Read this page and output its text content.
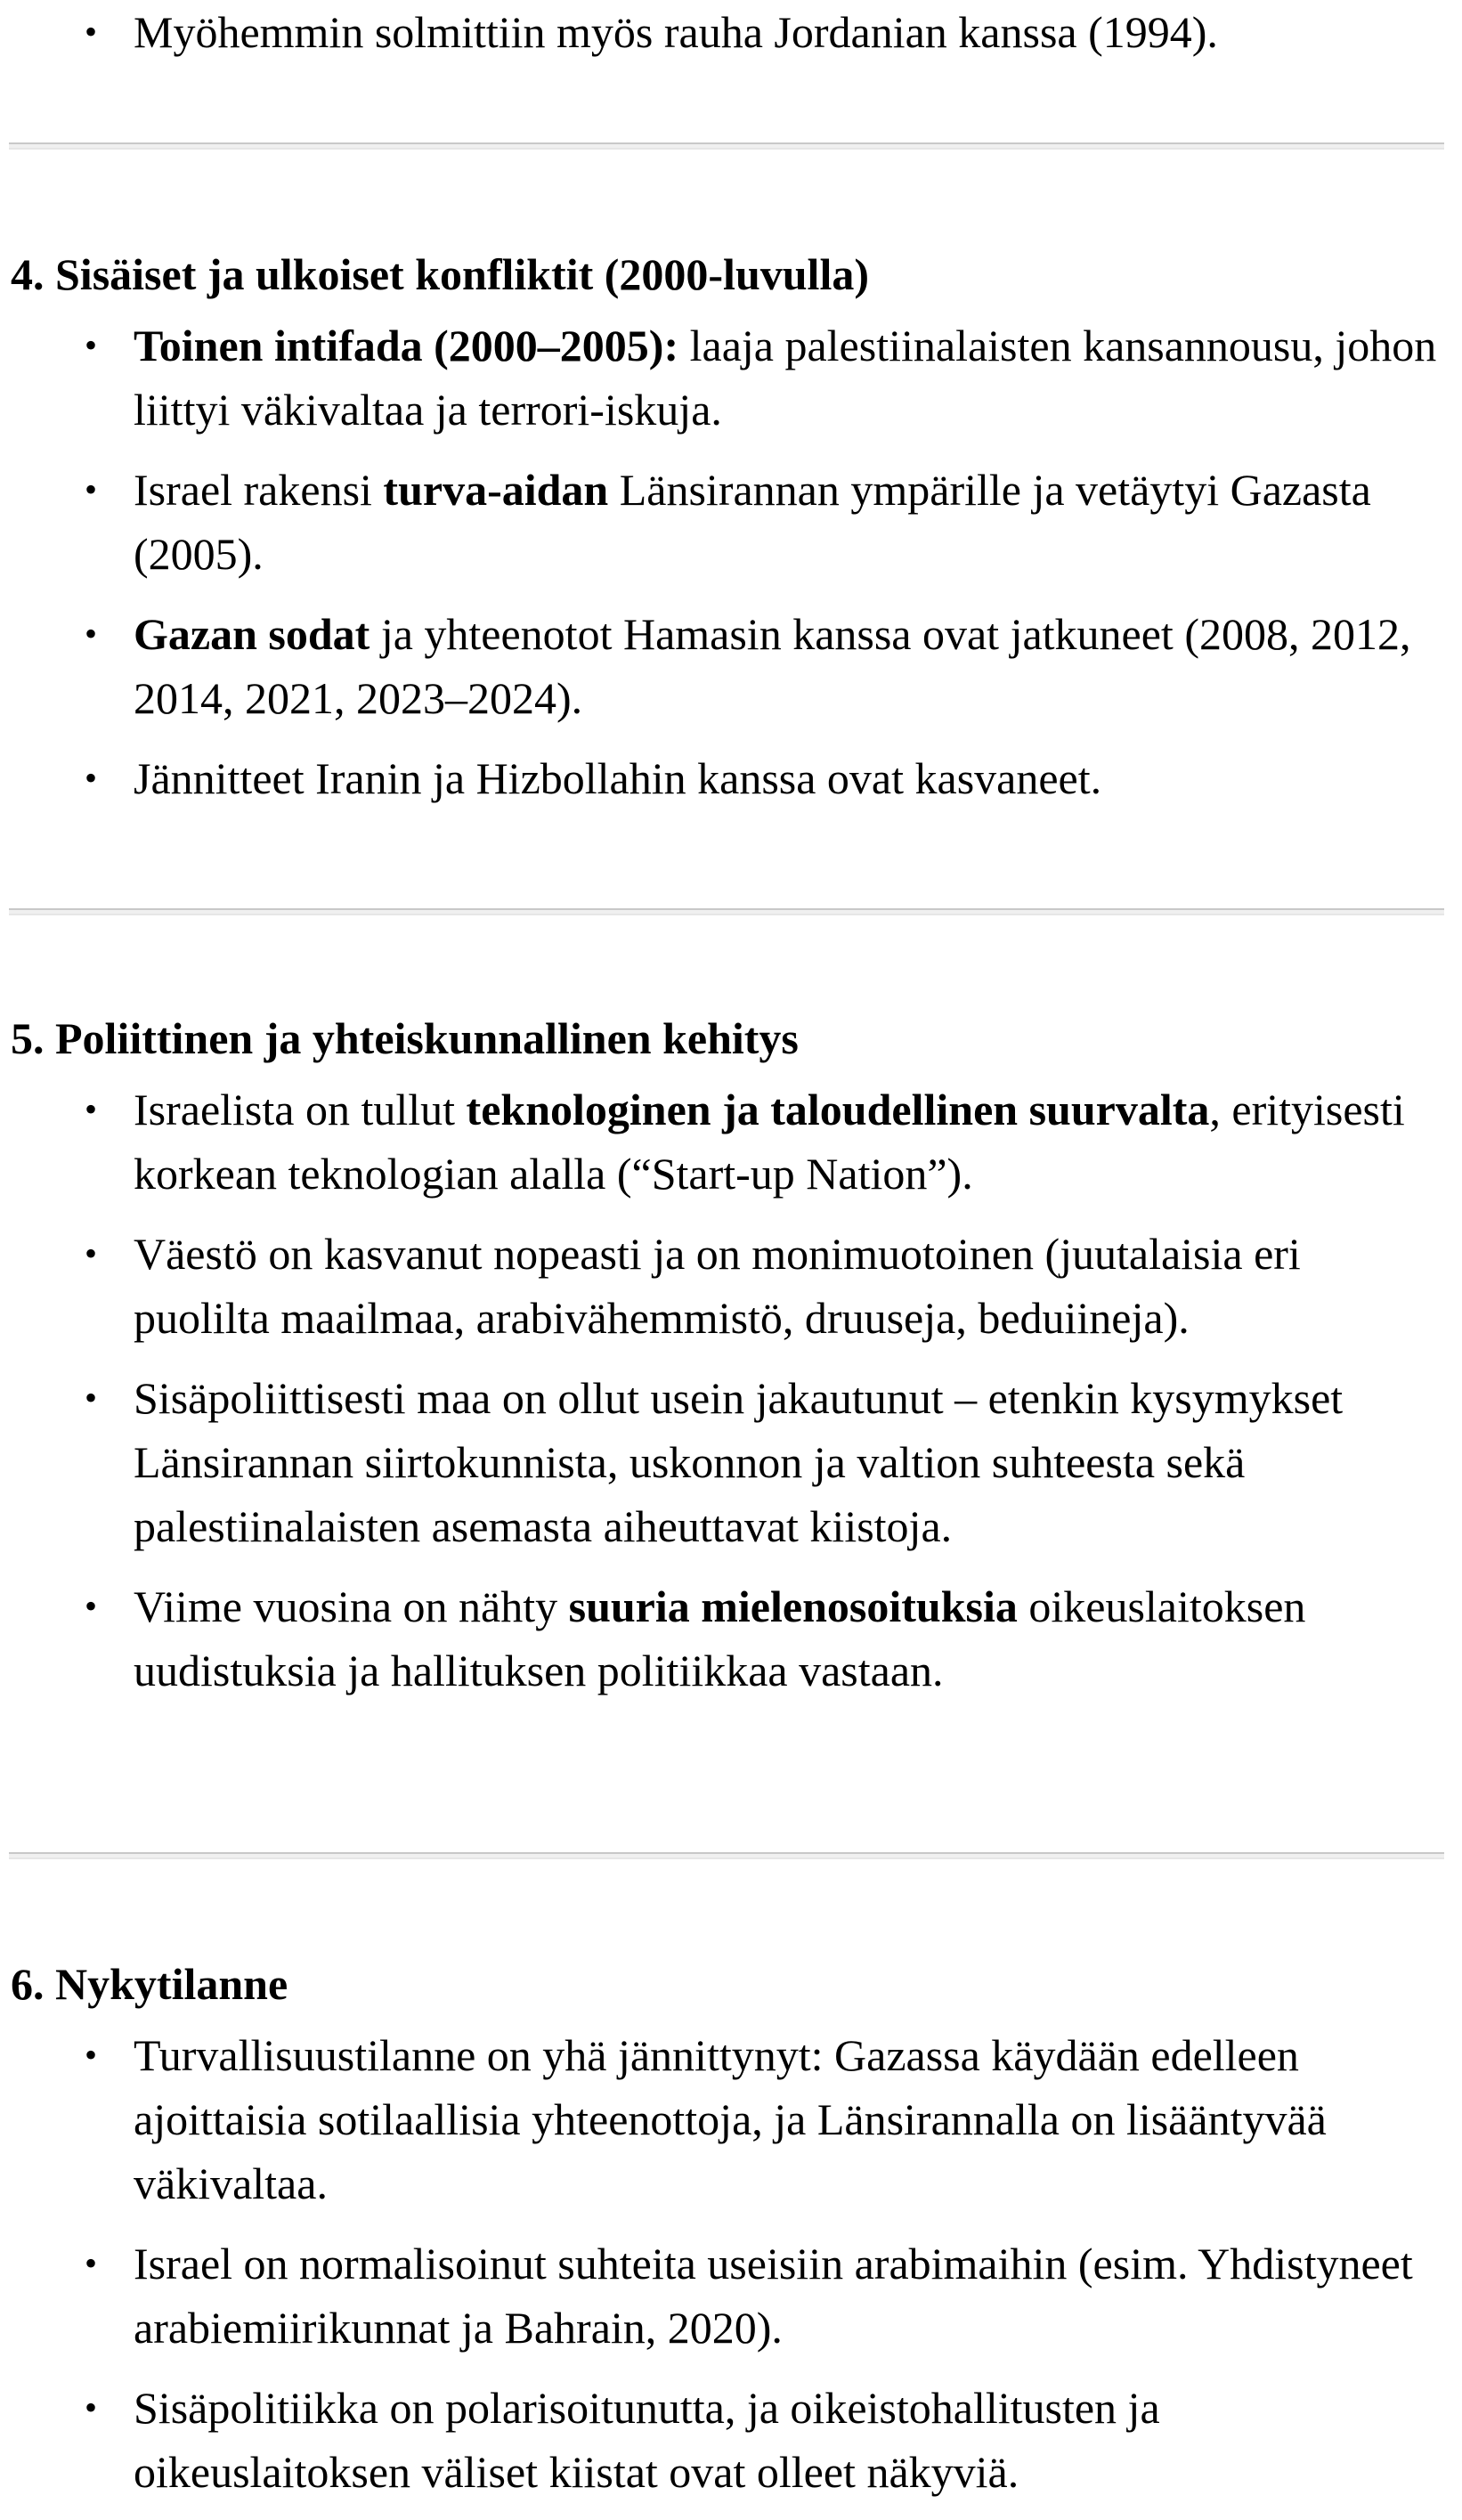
• Myöhemmin solmittiin myös rauha Jordanian kanssa (1994).
4. Sisäiset ja ulkoiset konfliktit (2000-luvulla)
• Toinen intifada (2000–2005): laaja palestiinalaisten kansannousu, johon liittyi väkivaltaa ja terrori-iskuja.
• Israel rakensi turva-aidan Länsirannan ympärille ja vetäytyi Gazasta (2005).
• Gazan sodat ja yhteenotot Hamasin kanssa ovat jatkuneet (2008, 2012, 2014, 2021, 2023–2024).
• Jännitteet Iranin ja Hizbollahin kanssa ovat kasvaneet.
5. Poliittinen ja yhteiskunnallinen kehitys
• Israelista on tullut teknologinen ja taloudellinen suurvalta, erityisesti korkean teknologian alalla (“Start-up Nation”).
• Väestö on kasvanut nopeasti ja on monimuotoinen (juutalaisia eri puolilta maailmaa, arabivähemmistö, druuseja, beduiineja).
• Sisäpoliittisesti maa on ollut usein jakautunut – etenkin kysymykset Länsirannan siirtokunnista, uskonnon ja valtion suhteesta sekä palestiinalaisten asemasta aiheuttavat kiistoja.
• Viime vuosina on nähty suuria mielenosoituksia oikeuslaitoksen uudistuksia ja hallituksen politiikkaa vastaan.
6. Nykytilanne
• Turvallisuustilanne on yhä jännittynyt: Gazassa käydään edelleen ajoittaisia sotilaallisia yhteenottoja, ja Länsirannalla on lisääntyvää väkivaltaa.
• Israel on normalisoinut suhteita useisiin arabimaihin (esim. Yhdistyneet arabiemiirikunnat ja Bahrain, 2020).
• Sisäpolitiikka on polarisoitunutta, ja oikeistohallitusten ja oikeuslaitoksen väliset kiistat ovat olleet näkyviä.
